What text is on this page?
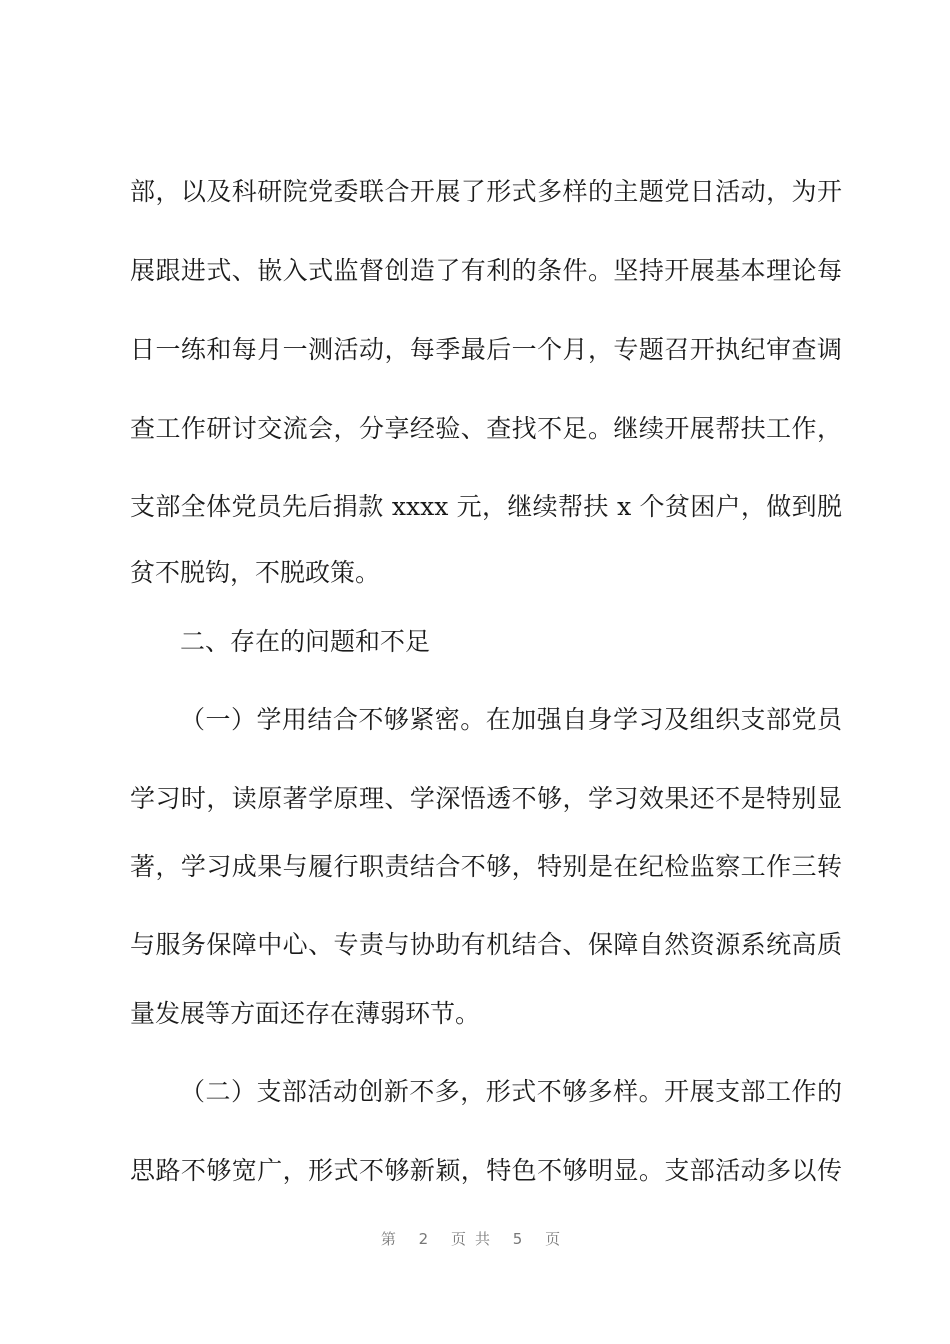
部，以及科研院党委联合开展了形式多样的主题党日活动，为开
展跟进式、嵌入式监督创造了有利的条件。坚持开展基本理论每
日一练和每月一测活动，每季最后一个月，专题召开执纪审查调
查工作研讨交流会，分享经验、查找不足。继续开展帮扶工作，
支部全体党员先后捐款 xxxx 元，继续帮扶 x 个贫困户，做到脱
贫不脱钩，不脱政策。
二、存在的问题和不足
（一）学用结合不够紧密。在加强自身学习及组织支部党员
学习时，读原著学原理、学深悟透不够，学习效果还不是特别显
著，学习成果与履行职责结合不够，特别是在纪检监察工作三转
与服务保障中心、专责与协助有机结合、保障自然资源系统高质
量发展等方面还存在薄弱环节。
（二）支部活动创新不多，形式不够多样。开展支部工作的
思路不够宽广，形式不够新颖，特色不够明显。支部活动多以传
第 2 页共 5 页
